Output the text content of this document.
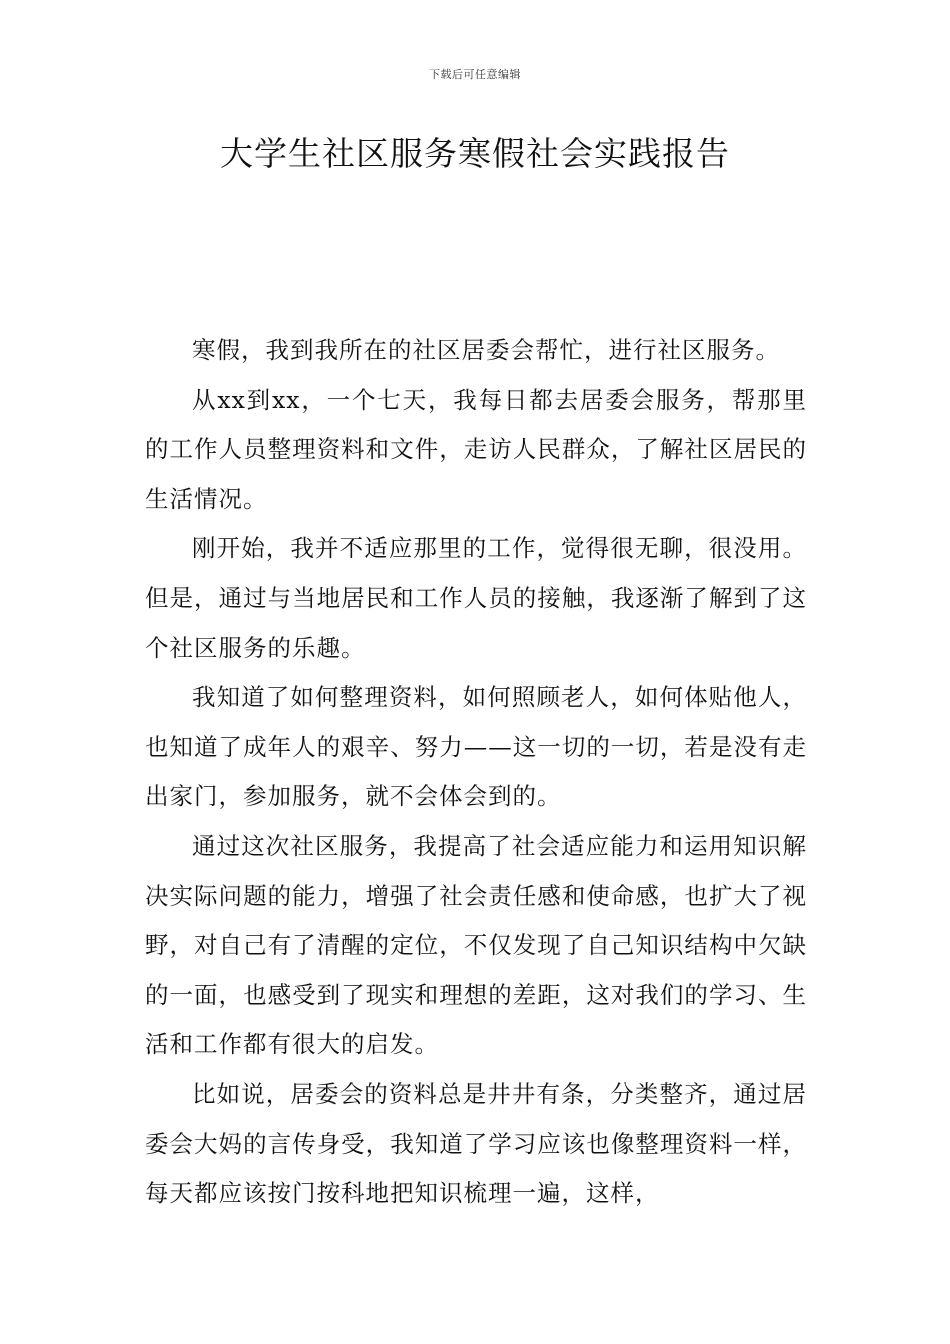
下载后可任意编辑
大学生社区服务寒假社会实践报告

寒假，我到我所在的社区居委会帮忙，进行社区服务。

从xx到xx，一个七天，我每日都去居委会服务，帮那里的工作人员整理资料和文件，走访人民群众，了解社区居民的生活情况。

刚开始，我并不适应那里的工作，觉得很无聊，很没用。但是，通过与当地居民和工作人员的接触，我逐渐了解到了这个社区服务的乐趣。

我知道了如何整理资料，如何照顾老人，如何体贴他人，也知道了成年人的艰辛、努力——这一切的一切，若是没有走出家门，参加服务，就不会体会到的。

通过这次社区服务，我提高了社会适应能力和运用知识解决实际问题的能力，增强了社会责任感和使命感，也扩大了视野，对自己有了清醒的定位，不仅发现了自己知识结构中欠缺的一面，也感受到了现实和理想的差距，这对我们的学习、生活和工作都有很大的启发。

比如说，居委会的资料总是井井有条，分类整齐，通过居委会大妈的言传身受，我知道了学习应该也像整理资料一样，每天都应该按门按科地把知识梳理一遍，这样，
